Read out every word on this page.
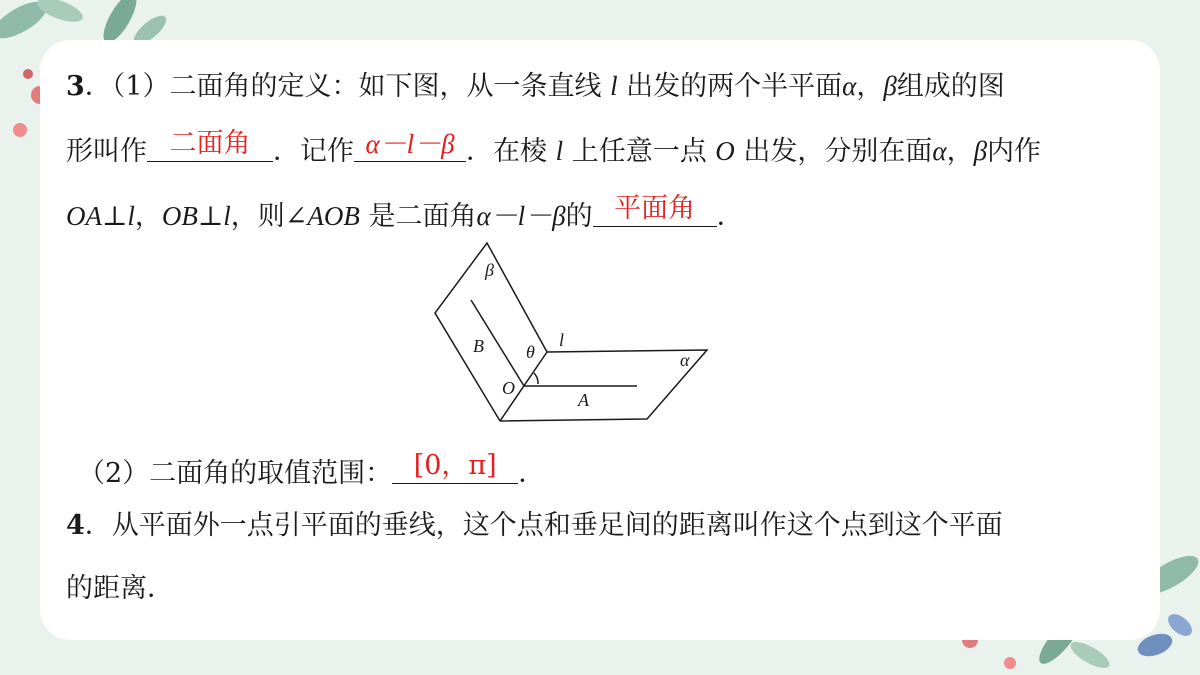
3．（1）二面角的定义：如下图，从一条直线 l 出发的两个半平面α，β组成的图
形叫作 二面角 ．记作 α－l－β ．在棱 l 上任意一点 O 出发，分别在面α，β内作
OA⊥l，OB⊥l，则∠AOB 是二面角α－l－β的 平面角 ．
β
l
θ
B
α
O
A
（2）二面角的取值范围： [0，π] ．
4．从平面外一点引平面的垂线，这个点和垂足间的距离叫作这个点到这个平面
的距离．
